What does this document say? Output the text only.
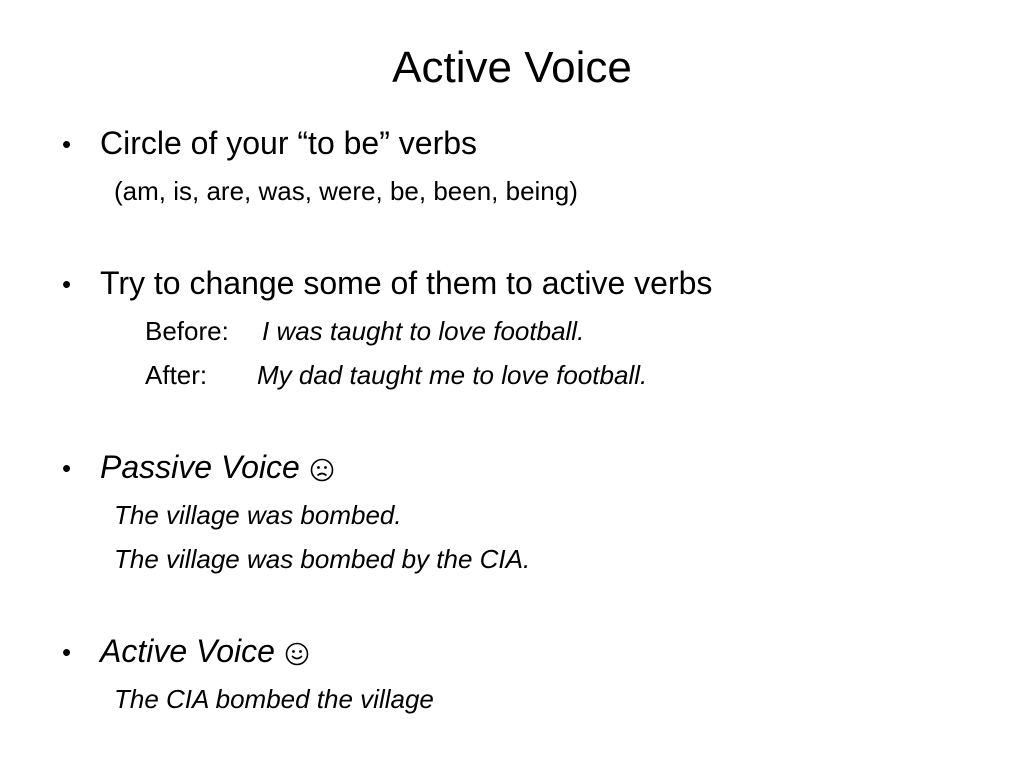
Active Voice
• Circle of your “to be” verbs
(am, is, are, was, were, be, been, being)
• Try to change some of them to active verbs
Before: I was taught to love football.
After: My dad taught me to love football.
• Passive Voice
The village was bombed.
The village was bombed by the CIA.
• Active Voice
The CIA bombed the village
